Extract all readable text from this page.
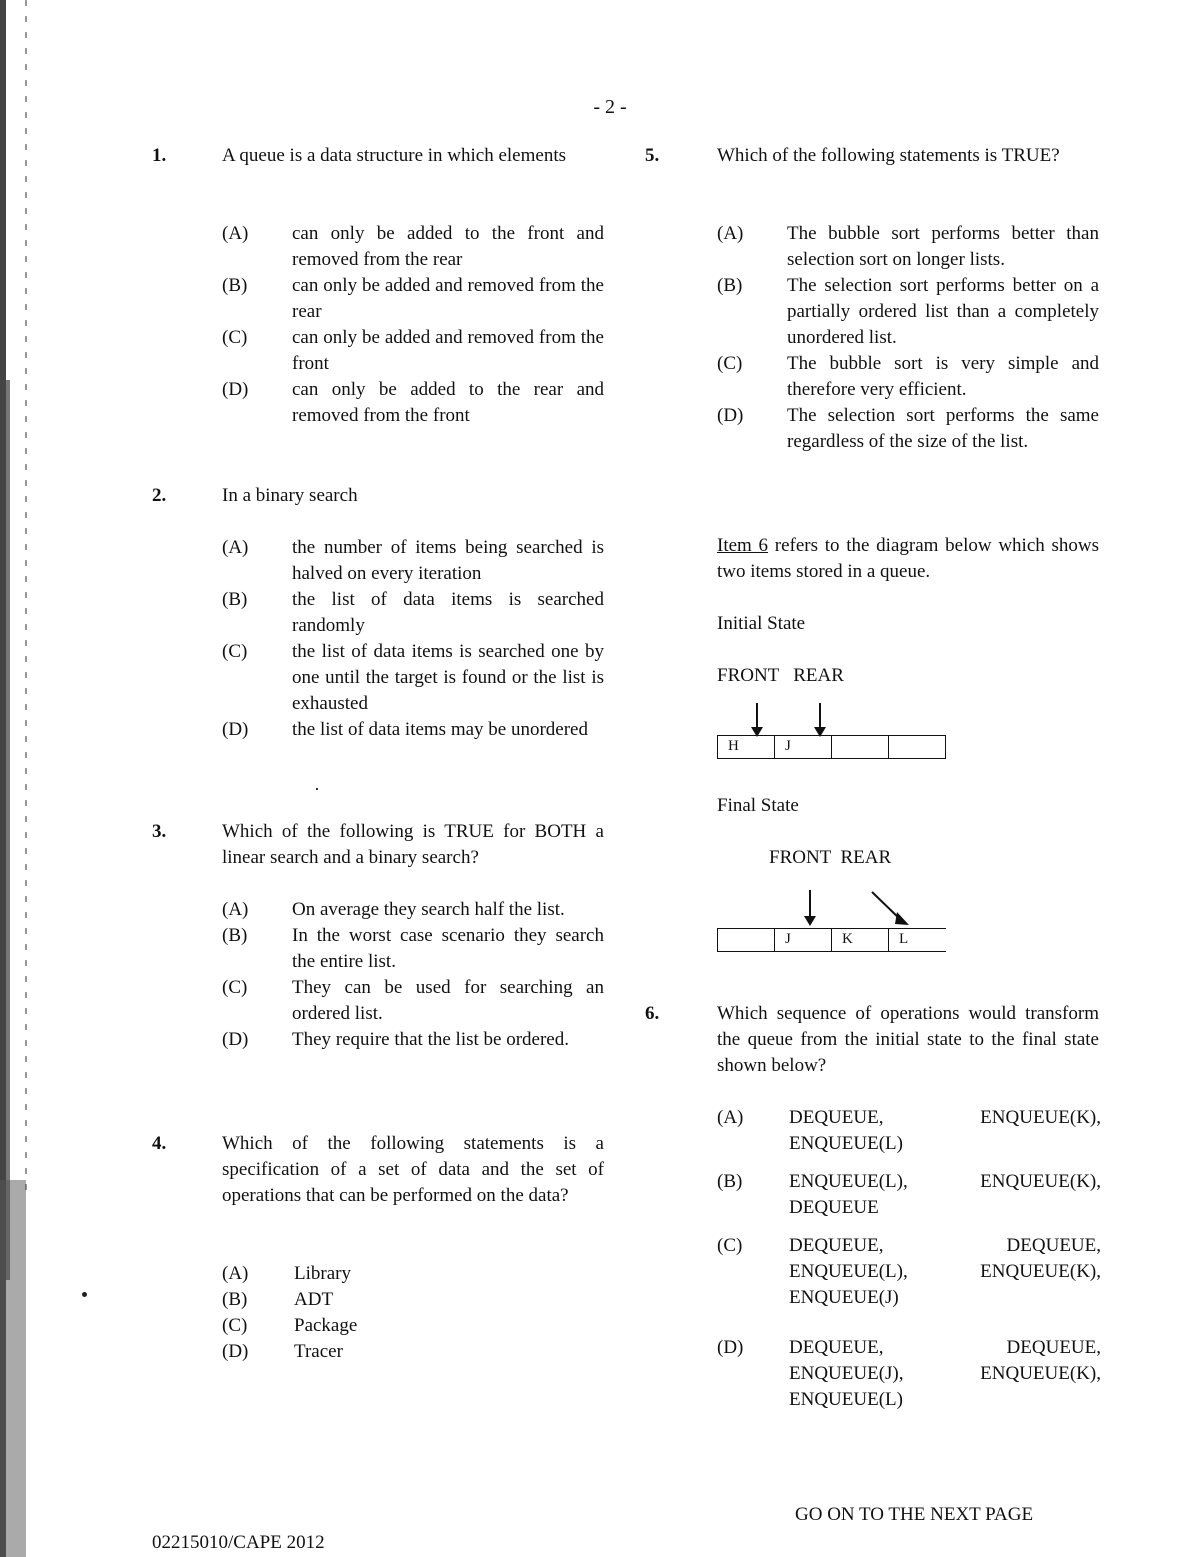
- 2 -
1.	A queue is a data structure in which elements
(A) can only be added to the front and removed from the rear
(B) can only be added and removed from the rear
(C) can only be added and removed from the front
(D) can only be added to the rear and removed from the front
2.	In a binary search
(A) the number of items being searched is halved on every iteration
(B) the list of data items is searched randomly
(C) the list of data items is searched one by one until the target is found or the list is exhausted
(D) the list of data items may be unordered
3.	Which of the following is TRUE for BOTH a linear search and a binary search?
(A) On average they search half the list.
(B) In the worst case scenario they search the entire list.
(C) They can be used for searching an ordered list.
(D) They require that the list be ordered.
4.	Which of the following statements is a specification of a set of data and the set of operations that can be performed on the data?
(A) Library
(B) ADT
(C) Package
(D) Tracer
5.	Which of the following statements is TRUE?
(A) The bubble sort performs better than selection sort on longer lists.
(B) The selection sort performs better on a partially ordered list than a completely unordered list.
(C) The bubble sort is very simple and therefore very efficient.
(D) The selection sort performs the same regardless of the size of the list.
Item 6 refers to the diagram below which shows two items stored in a queue.
Initial State
FRONT   REAR
H	J
Final State
FRONT  REAR
J	K	L
6.	Which sequence of operations would transform the queue from the initial state to the final state shown below?
(A) DEQUEUE, ENQUEUE(K), ENQUEUE(L)
(B) ENQUEUE(L), ENQUEUE(K), DEQUEUE
(C) DEQUEUE, DEQUEUE, ENQUEUE(L), ENQUEUE(K), ENQUEUE(J)
(D) DEQUEUE, DEQUEUE, ENQUEUE(J), ENQUEUE(K), ENQUEUE(L)
GO ON TO THE NEXT PAGE
02215010/CAPE 2012
